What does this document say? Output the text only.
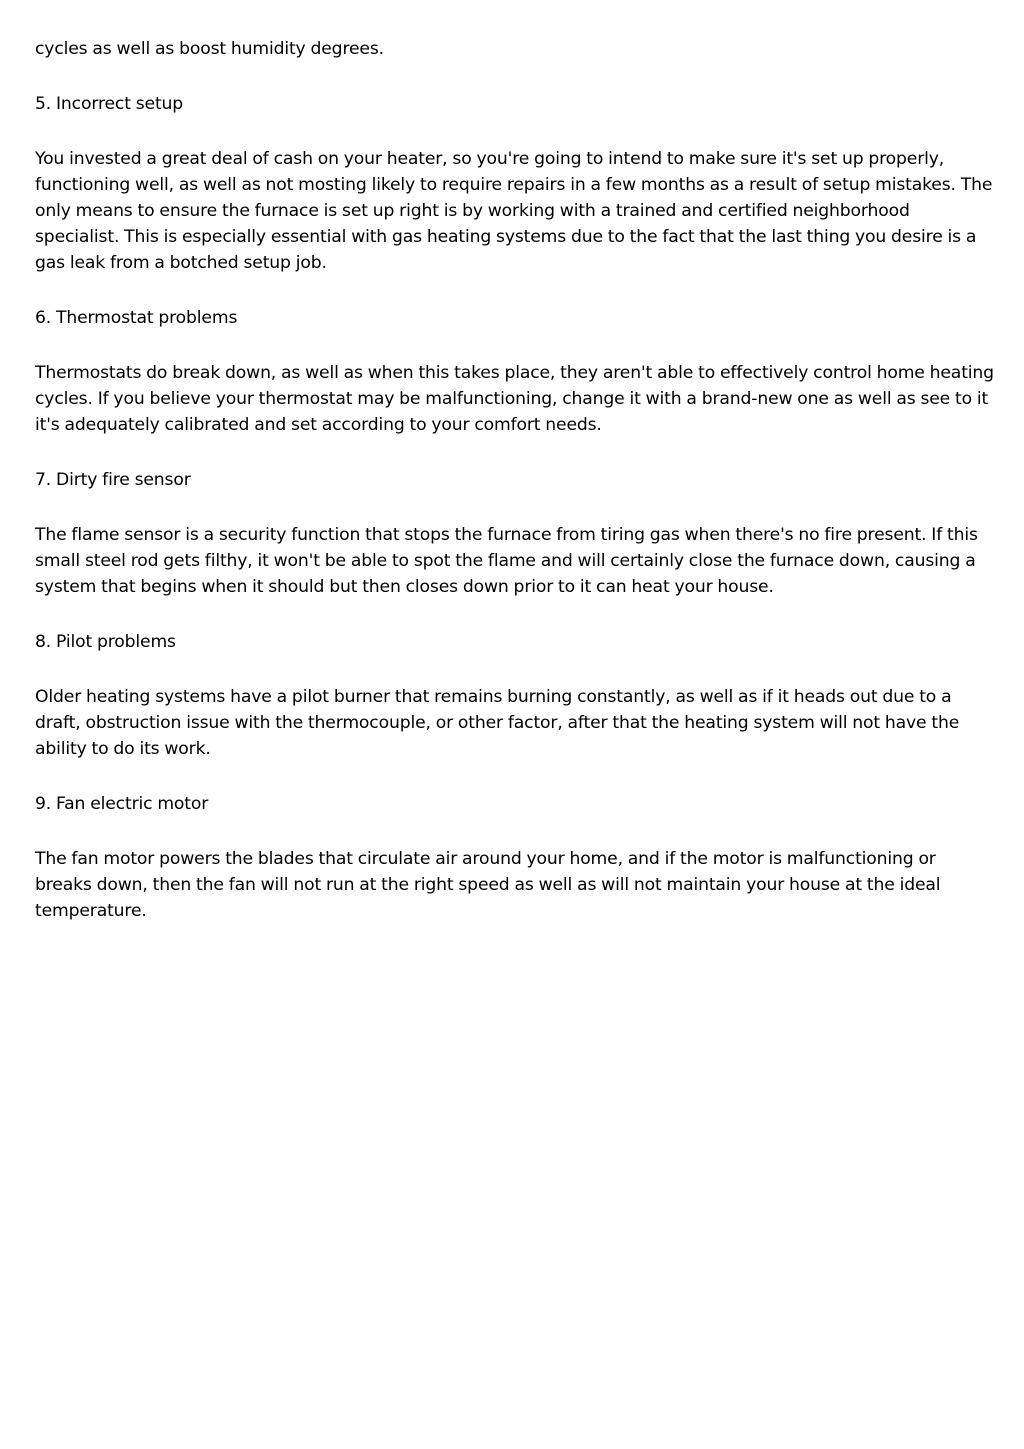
cycles as well as boost humidity degrees.

5. Incorrect setup

You invested a great deal of cash on your heater, so you're going to intend to make sure it's set up properly, functioning well, as well as not mosting likely to require repairs in a few months as a result of setup mistakes. The only means to ensure the furnace is set up right is by working with a trained and certified neighborhood specialist. This is especially essential with gas heating systems due to the fact that the last thing you desire is a gas leak from a botched setup job.

6. Thermostat problems

Thermostats do break down, as well as when this takes place, they aren't able to effectively control home heating cycles. If you believe your thermostat may be malfunctioning, change it with a brand-new one as well as see to it it's adequately calibrated and set according to your comfort needs.

7. Dirty fire sensor

The flame sensor is a security function that stops the furnace from tiring gas when there's no fire present. If this small steel rod gets filthy, it won't be able to spot the flame and will certainly close the furnace down, causing a system that begins when it should but then closes down prior to it can heat your house.

8. Pilot problems

Older heating systems have a pilot burner that remains burning constantly, as well as if it heads out due to a draft, obstruction issue with the thermocouple, or other factor, after that the heating system will not have the ability to do its work.

9. Fan electric motor

The fan motor powers the blades that circulate air around your home, and if the motor is malfunctioning or breaks down, then the fan will not run at the right speed as well as will not maintain your house at the ideal temperature.
